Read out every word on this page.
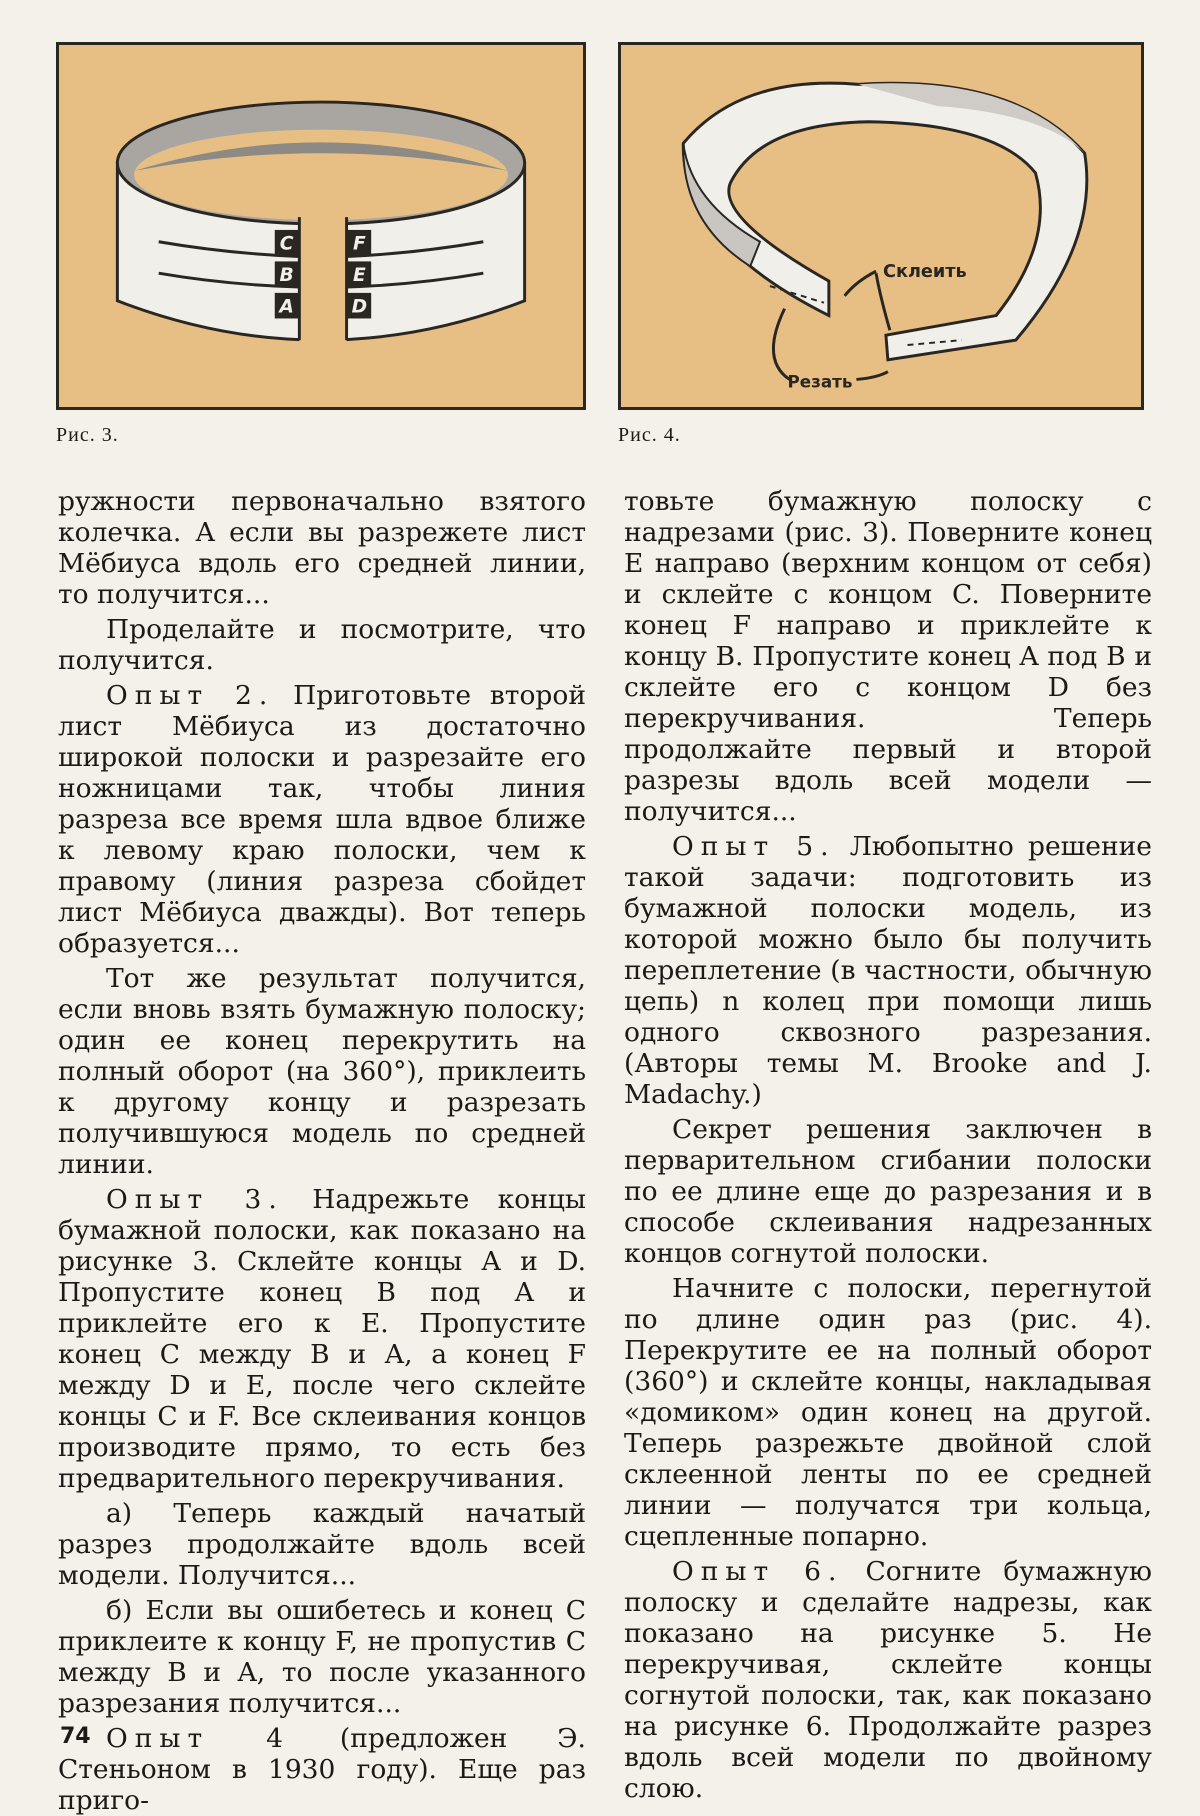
C
B
A
F
E
D

Рис. 3.

Склеить
Резать

Рис. 4.

ружности первоначально взятого колечка. А если вы разрежете лист Мёбиуса вдоль его средней линии, то получится...

Проделайте и посмотрите, что получится.

Опыт 2. Приготовьте второй лист Мёбиуса из достаточно широкой полоски и разрезайте его ножницами так, чтобы линия разреза все время шла вдвое ближе к левому краю полоски, чем к правому (линия разреза сбойдет лист Мёбиуса дважды). Вот теперь образуется...

Тот же результат получится, если вновь взять бумажную полоску; один ее конец перекрутить на полный оборот (на 360°), приклеить к другому концу и разрезать получившуюся модель по средней линии.

Опыт 3. Надрежьте концы бумажной полоски, как показано на рисунке 3. Склейте концы A и D. Пропустите конец B под A и приклейте его к E. Пропустите конец C между B и A, а конец F между D и E, после чего склейте концы C и F. Все склеивания концов производите прямо, то есть без предварительного перекручивания.

а) Теперь каждый начатый разрез продолжайте вдоль всей модели. Получится...

б) Если вы ошибетесь и конец C приклеите к концу F, не пропустив C между B и A, то после указанного разрезания получится...

Опыт 4 (предложен Э. Стеньоном в 1930 году). Еще раз приго-

товьте бумажную полоску с надрезами (рис. 3). Поверните конец E направо (верхним концом от себя) и склейте с концом C. Поверните конец F направо и приклейте к концу B. Пропустите конец A под B и склейте его с концом D без перекручивания. Теперь продолжайте первый и второй разрезы вдоль всей модели — получится...

Опыт 5. Любопытно решение такой задачи: подготовить из бумажной полоски модель, из которой можно было бы получить переплетение (в частности, обычную цепь) n колец при помощи лишь одного сквозного разрезания. (Авторы темы M. Brooke and J. Madachy.)

Секрет решения заключен в перварительном сгибании полоски по ее длине еще до разрезания и в способе склеивания надрезанных концов согнутой полоски.

Начните с полоски, перегнутой по длине один раз (рис. 4). Перекрутите ее на полный оборот (360°) и склейте концы, накладывая «домиком» один конец на другой. Теперь разрежьте двойной слой склеенной ленты по ее средней линии — получатся три кольца, сцепленные попарно.

Опыт 6. Согните бумажную полоску и сделайте надрезы, как показано на рисунке 5. Не перекручивая, склейте концы согнутой полоски, так, как показано на рисунке 6. Продолжайте разрез вдоль всей модели по двойному слою.

74
